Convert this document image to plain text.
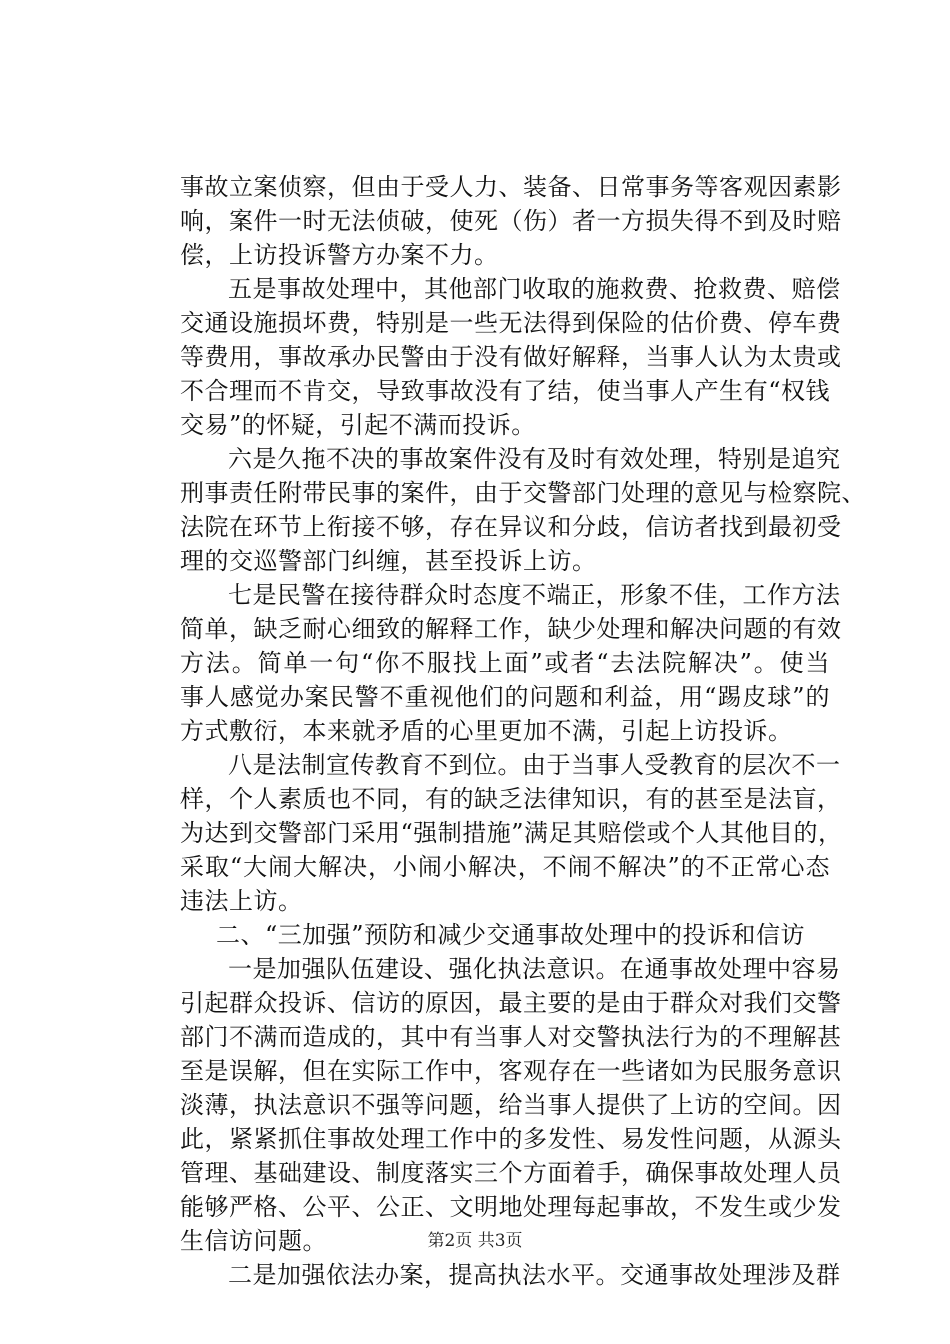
事故立案侦察，但由于受人力、装备、日常事务等客观因素影
响，案件一时无法侦破，使死（伤）者一方损失得不到及时赔
偿，上访投诉警方办案不力。
五是事故处理中，其他部门收取的施救费、抢救费、赔偿
交通设施损坏费，特别是一些无法得到保险的估价费、停车费
等费用，事故承办民警由于没有做好解释，当事人认为太贵或
不合理而不肯交，导致事故没有了结，使当事人产生有“权钱
交易”的怀疑，引起不满而投诉。
六是久拖不决的事故案件没有及时有效处理，特别是追究
刑事责任附带民事的案件，由于交警部门处理的意见与检察院、
法院在环节上衔接不够，存在异议和分歧，信访者找到最初受
理的交巡警部门纠缠，甚至投诉上访。
七是民警在接待群众时态度不端正，形象不佳，工作方法
简单，缺乏耐心细致的解释工作，缺少处理和解决问题的有效
方法。简单一句“你不服找上面”或者“去法院解决”。使当
事人感觉办案民警不重视他们的问题和利益，用“踢皮球”的
方式敷衍，本来就矛盾的心里更加不满，引起上访投诉。
八是法制宣传教育不到位。由于当事人受教育的层次不一
样，个人素质也不同，有的缺乏法律知识，有的甚至是法盲，
为达到交警部门采用“强制措施”满足其赔偿或个人其他目的，
采取“大闹大解决，小闹小解决，不闹不解决”的不正常心态
违法上访。
二、“三加强”预防和减少交通事故处理中的投诉和信访
一是加强队伍建设、强化执法意识。在通事故处理中容易
引起群众投诉、信访的原因，最主要的是由于群众对我们交警
部门不满而造成的，其中有当事人对交警执法行为的不理解甚
至是误解，但在实际工作中，客观存在一些诸如为民服务意识
淡薄，执法意识不强等问题，给当事人提供了上访的空间。因
此，紧紧抓住事故处理工作中的多发性、易发性问题，从源头
管理、基础建设、制度落实三个方面着手，确保事故处理人员
能够严格、公平、公正、文明地处理每起事故，不发生或少发
生信访问题。
二是加强依法办案，提高执法水平。交通事故处理涉及群
第2页 共3页
